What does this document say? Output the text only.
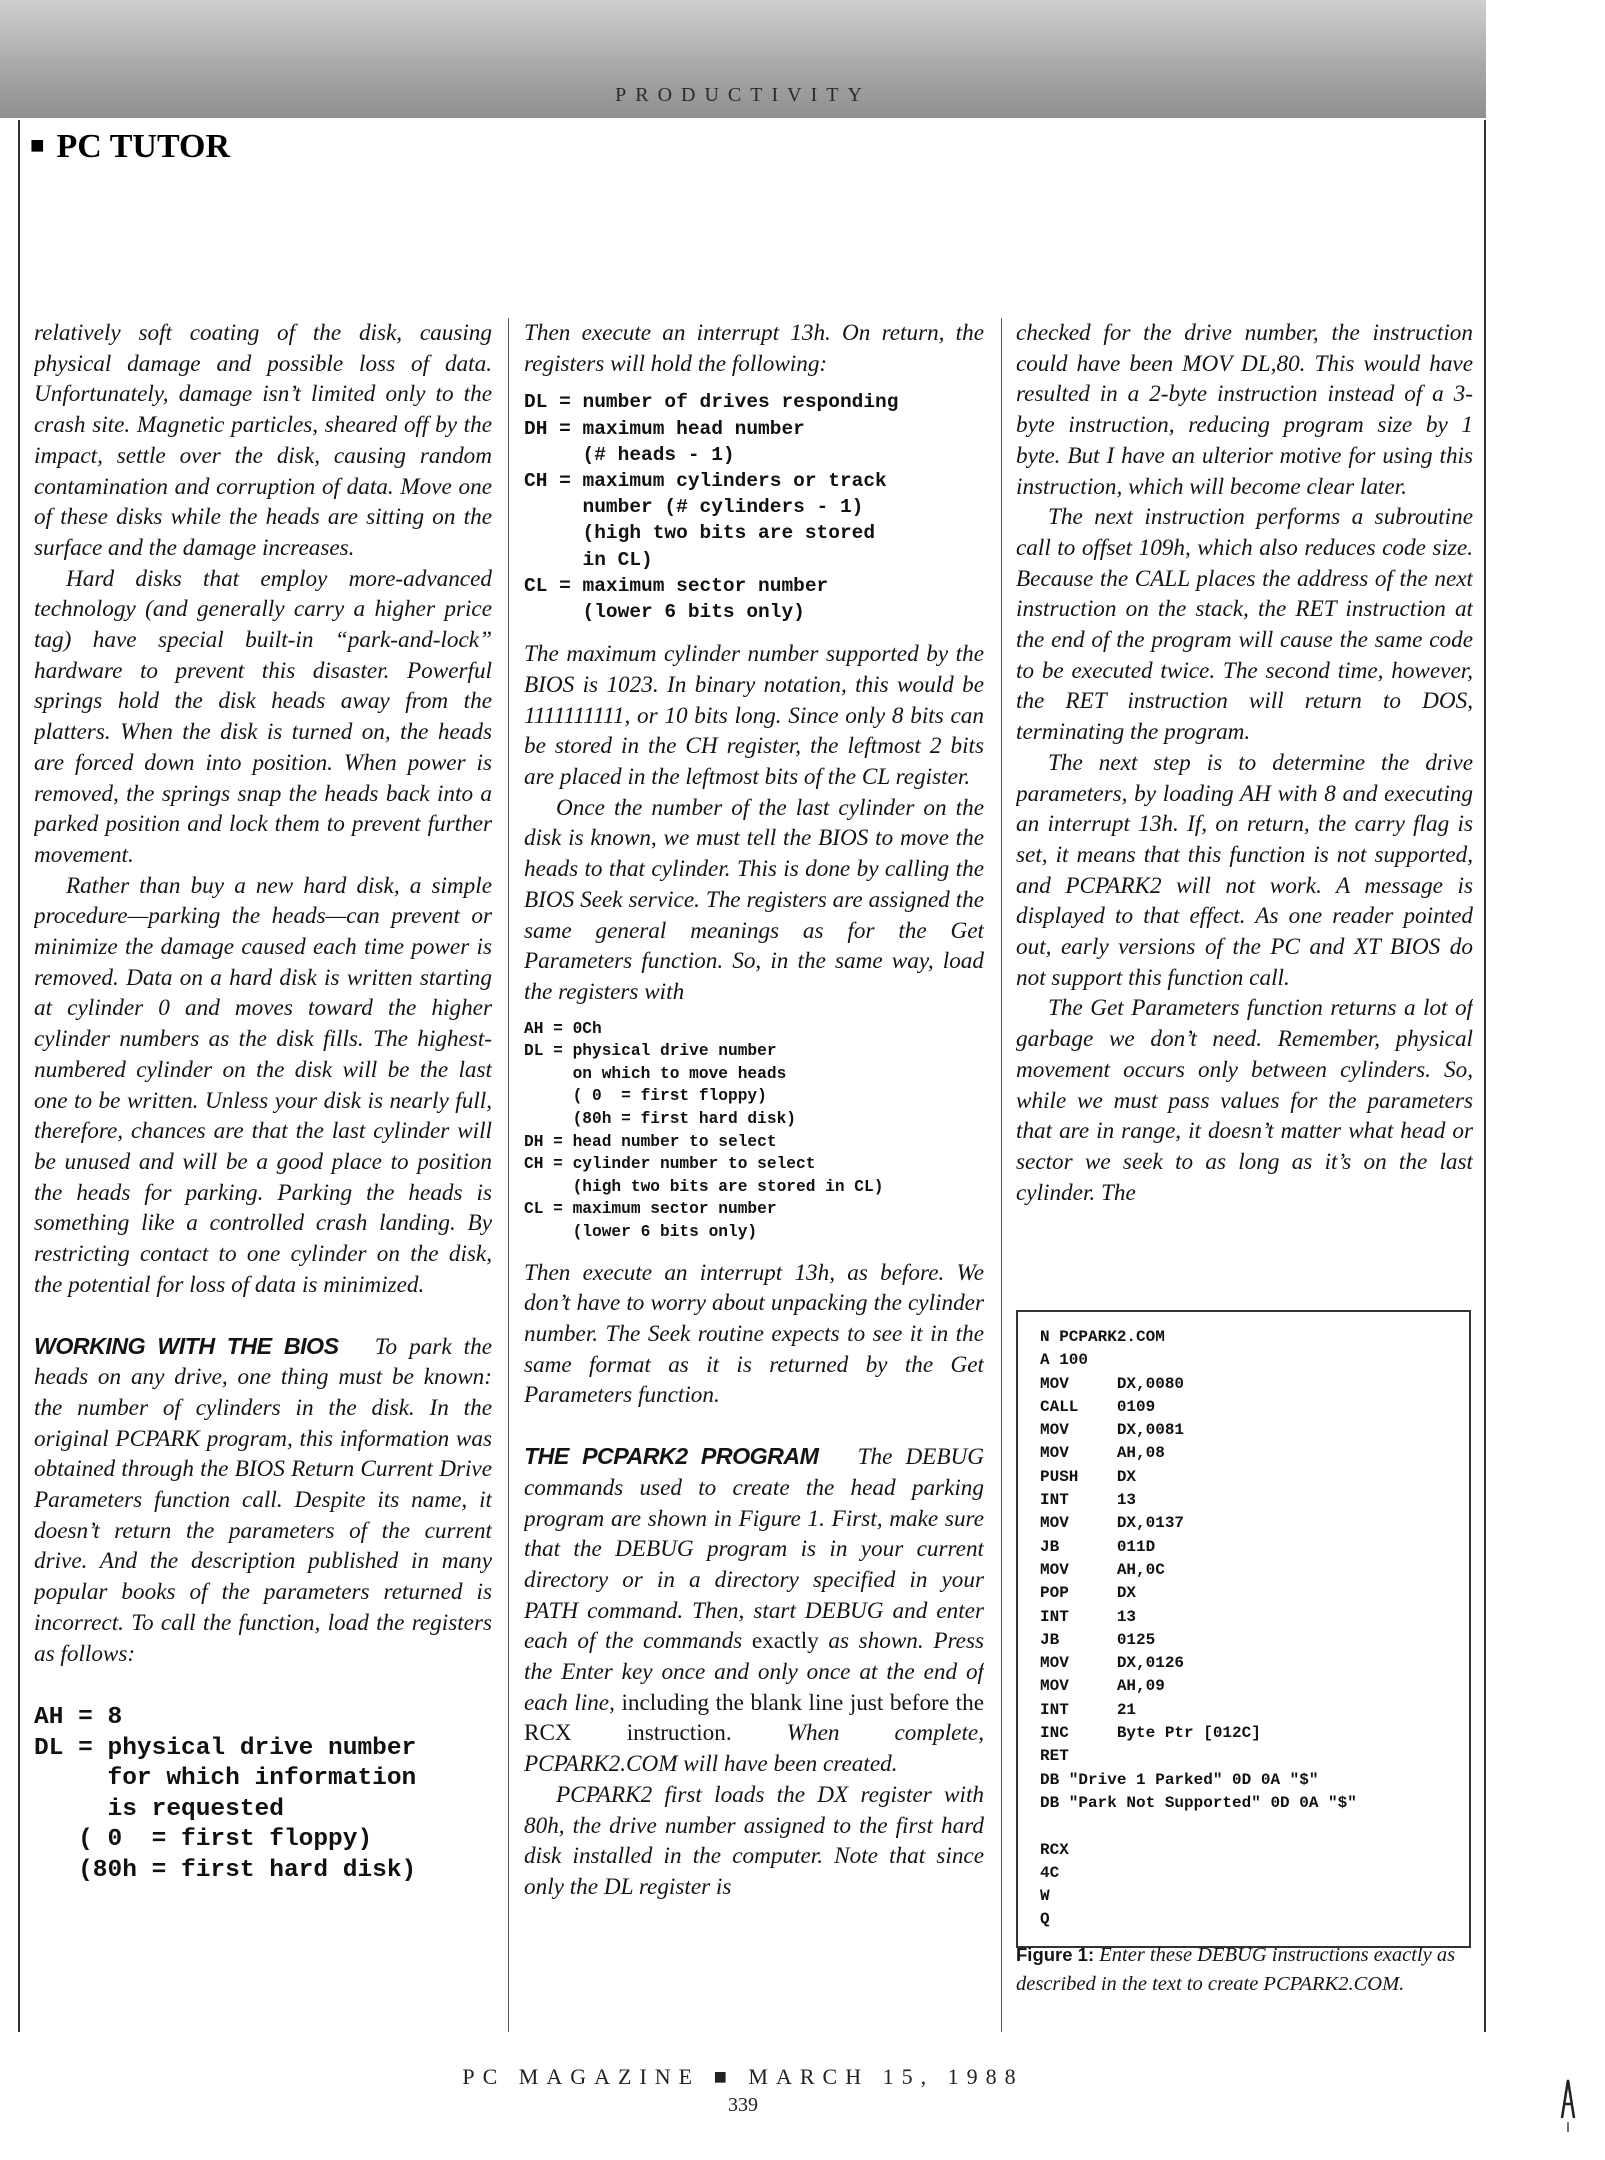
PRODUCTIVITY
■ PC TUTOR

relatively soft coating of the disk, causing physical damage and possible loss of data. Unfortunately, damage isn’t limited only to the crash site. Magnetic particles, sheared off by the impact, settle over the disk, causing random contamination and corruption of data. Move one of these disks while the heads are sitting on the surface and the damage increases.

Hard disks that employ more-advanced technology (and generally carry a higher price tag) have special built-in “park-and-lock” hardware to prevent this disaster. Powerful springs hold the disk heads away from the platters. When the disk is turned on, the heads are forced down into position. When power is removed, the springs snap the heads back into a parked position and lock them to prevent further movement.

Rather than buy a new hard disk, a simple procedure—parking the heads—can prevent or minimize the damage caused each time power is removed. Data on a hard disk is written starting at cylinder 0 and moves toward the higher cylinder numbers as the disk fills. The highest-numbered cylinder on the disk will be the last one to be written. Unless your disk is nearly full, therefore, chances are that the last cylinder will be unused and will be a good place to position the heads for parking. Parking the heads is something like a controlled crash landing. By restricting contact to one cylinder on the disk, the potential for loss of data is minimized.

WORKING WITH THE BIOS To park the heads on any drive, one thing must be known: the number of cylinders in the disk. In the original PCPARK program, this information was obtained through the BIOS Return Current Drive Parameters function call. Despite its name, it doesn’t return the parameters of the current drive. And the description published in many popular books of the parameters returned is incorrect. To call the function, load the registers as follows:

AH = 8
DL = physical drive number
for which information
is requested
( 0  = first floppy)
(80h = first hard disk)

Then execute an interrupt 13h. On return, the registers will hold the following:

DL = number of drives responding
DH = maximum head number
(# heads - 1)
CH = maximum cylinders or track
number (# cylinders - 1)
(high two bits are stored
in CL)
CL = maximum sector number
(lower 6 bits only)

The maximum cylinder number supported by the BIOS is 1023. In binary notation, this would be 1111111111, or 10 bits long. Since only 8 bits can be stored in the CH register, the leftmost 2 bits are placed in the leftmost bits of the CL register.

Once the number of the last cylinder on the disk is known, we must tell the BIOS to move the heads to that cylinder. This is done by calling the BIOS Seek service. The registers are assigned the same general meanings as for the Get Parameters function. So, in the same way, load the registers with

AH = 0Ch
DL = physical drive number
on which to move heads
( 0  = first floppy)
(80h = first hard disk)
DH = head number to select
CH = cylinder number to select
(high two bits are stored in CL)
CL = maximum sector number
(lower 6 bits only)

Then execute an interrupt 13h, as before. We don’t have to worry about unpacking the cylinder number. The Seek routine expects to see it in the same format as it is returned by the Get Parameters function.

THE PCPARK2 PROGRAM The DEBUG commands used to create the head parking program are shown in Figure 1. First, make sure that the DEBUG program is in your current directory or in a directory specified in your PATH command. Then, start DEBUG and enter each of the commands exactly as shown. Press the Enter key once and only once at the end of each line, including the blank line just before the RCX instruction. When complete, PCPARK2.COM will have been created.

PCPARK2 first loads the DX register with 80h, the drive number assigned to the first hard disk installed in the computer. Note that since only the DL register is

checked for the drive number, the instruction could have been MOV DL,80. This would have resulted in a 2-byte instruction instead of a 3-byte instruction, reducing program size by 1 byte. But I have an ulterior motive for using this instruction, which will become clear later.

The next instruction performs a subroutine call to offset 109h, which also reduces code size. Because the CALL places the address of the next instruction on the stack, the RET instruction at the end of the program will cause the same code to be executed twice. The second time, however, the RET instruction will return to DOS, terminating the program.

The next step is to determine the drive parameters, by loading AH with 8 and executing an interrupt 13h. If, on return, the carry flag is set, it means that this function is not supported, and PCPARK2 will not work. A message is displayed to that effect. As one reader pointed out, early versions of the PC and XT BIOS do not support this function call.

The Get Parameters function returns a lot of garbage we don’t need. Remember, physical movement occurs only between cylinders. So, while we must pass values for the parameters that are in range, it doesn’t matter what head or sector we seek to as long as it’s on the last cylinder. The

N PCPARK2.COM
A 100
MOV     DX,0080
CALL    0109
MOV     DX,0081
MOV     AH,08
PUSH    DX
INT     13
MOV     DX,0137
JB      011D
MOV     AH,0C
POP     DX
INT     13
JB      0125
MOV     DX,0126
MOV     AH,09
INT     21
INC     Byte Ptr [012C]
RET
DB "Drive 1 Parked" 0D 0A "$"
DB "Park Not Supported" 0D 0A "$"

RCX
4C
W
Q
Figure 1: Enter these DEBUG instructions exactly as described in the text to create PCPARK2.COM.
PC MAGAZINE ■ MARCH 15, 1988
339
